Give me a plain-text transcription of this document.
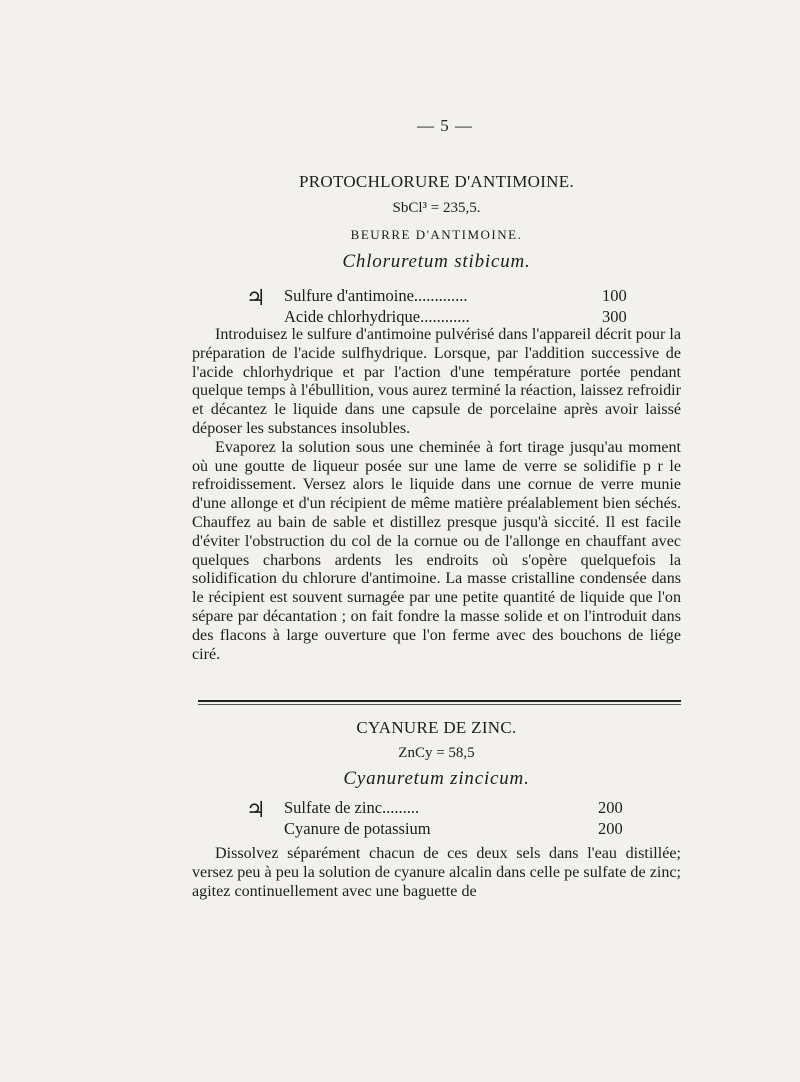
— 5 —
PROTOCHLORURE D'ANTIMOINE.
SbCl³ = 235,5.
BEURRE D'ANTIMOINE.
Chloruretum stibicum.
♃ Sulfure d'antimoine.............	100
Acide chlorhydrique............	300

Introduisez le sulfure d'antimoine pulvérisé dans l'appareil décrit pour la préparation de l'acide sulfhydrique. Lorsque, par l'addition successive de l'acide chlorhydrique et par l'action d'une température portée pendant quelque temps à l'ébullition, vous aurez terminé la réaction, laissez refroidir et décantez le liquide dans une capsule de porcelaine après avoir laissé déposer les substances insolubles.

Evaporez la solution sous une cheminée à fort tirage jusqu'au moment où une goutte de liqueur posée sur une lame de verre se solidifie p r le refroidissement. Versez alors le liquide dans une cornue de verre munie d'une allonge et d'un récipient de même matière préalablement bien séchés. Chauffez au bain de sable et distillez presque jusqu'à siccité. Il est facile d'éviter l'obstruction du col de la cornue ou de l'allonge en chauffant avec quelques charbons ardents les endroits où s'opère quelquefois la solidification du chlorure d'antimoine. La masse cristalline condensée dans le récipient est souvent surnagée par une petite quantité de liquide que l'on sépare par décantation ; on fait fondre la masse solide et on l'introduit dans des flacons à large ouverture que l'on ferme avec des bouchons de liége ciré.

CYANURE DE ZINC.
ZnCy = 58,5
Cyanuretum zincicum.
♃ Sulfate de zinc.........	200
Cyanure de potassium	200

Dissolvez séparément chacun de ces deux sels dans l'eau distillée; versez peu à peu la solution de cyanure alcalin dans celle pe sulfate de zinc; agitez continuellement avec une baguette de
